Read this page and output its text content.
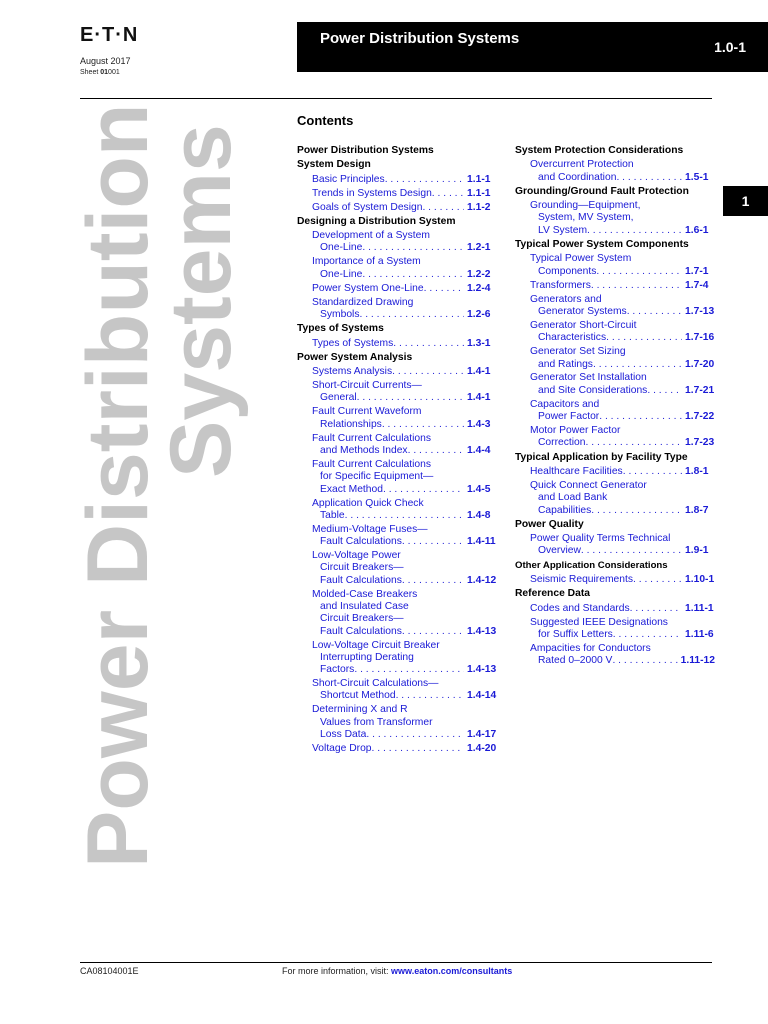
E·T·N
August 2017
Sheet 01001
Power Distribution Systems	1.0-1
1
Power Distribution
Systems
Contents
Power Distribution Systems
System Design
Basic Principles . . .	1.1-1
Trends in Systems Design . . .	1.1-1
Goals of System Design . . .	1.1-2
Designing a Distribution System
Development of a System
One-Line . . .	1.2-1
Importance of a System
One-Line . . .	1.2-2
Power System One-Line . . .	1.2-4
Standardized Drawing
Symbols . . .	1.2-6
Types of Systems
Types of Systems . . .	1.3-1
Power System Analysis
Systems Analysis . . .	1.4-1
Short-Circuit Currents—
General . . .	1.4-1
Fault Current Waveform
Relationships . . .	1.4-3
Fault Current Calculations
and Methods Index . . .	1.4-4
Fault Current Calculations
for Specific Equipment—
Exact Method . . .	1.4-5
Application Quick Check
Table . . .	1.4-8
Medium-Voltage Fuses—
Fault Calculations . . .	1.4-11
Low-Voltage Power
Circuit Breakers—
Fault Calculations . . .	1.4-12
Molded-Case Breakers
and Insulated Case
Circuit Breakers—
Fault Calculations . . .	1.4-13
Low-Voltage Circuit Breaker
Interrupting Derating
Factors . . .	1.4-13
Short-Circuit Calculations—
Shortcut Method . . .	1.4-14
Determining X and R
Values from Transformer
Loss Data . . .	1.4-17
Voltage Drop . . .	1.4-20
System Protection Considerations
Overcurrent Protection
and Coordination . . .	1.5-1
Grounding/Ground Fault Protection
Grounding—Equipment,
System, MV System,
LV System . . .	1.6-1
Typical Power System Components
Typical Power System
Components . . .	1.7-1
Transformers . . .	1.7-4
Generators and
Generator Systems . . .	1.7-13
Generator Short-Circuit
Characteristics . . .	1.7-16
Generator Set Sizing
and Ratings . . .	1.7-20
Generator Set Installation
and Site Considerations . . .	1.7-21
Capacitors and
Power Factor . . .	1.7-22
Motor Power Factor
Correction . . .	1.7-23
Typical Application by Facility Type
Healthcare Facilities . . .	1.8-1
Quick Connect Generator
and Load Bank
Capabilities . . .	1.8-7
Power Quality
Power Quality Terms Technical
Overview . . .	1.9-1
Other Application Considerations
Seismic Requirements . . .	1.10-1
Reference Data
Codes and Standards . . .	1.11-1
Suggested IEEE Designations
for Suffix Letters . . .	1.11-6
Ampacities for Conductors
Rated 0–2000 V . . .	1.11-12
CA08104001E	For more information, visit: www.eaton.com/consultants
